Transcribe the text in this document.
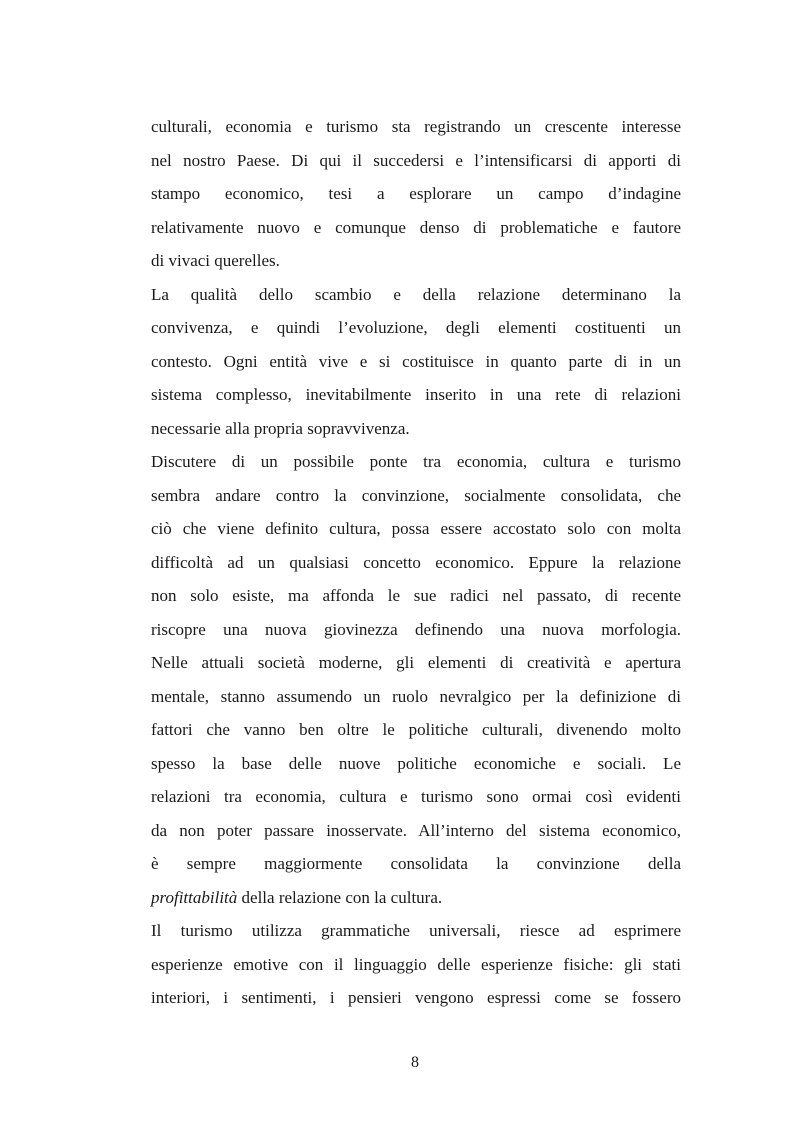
culturali, economia e turismo sta registrando un crescente interesse
nel nostro Paese. Di qui il succedersi e l’intensificarsi di apporti di
stampo economico, tesi a esplorare un campo d’indagine
relativamente nuovo e comunque denso di problematiche e fautore
di vivaci querelles.
La qualità dello scambio e della relazione determinano la
convivenza, e quindi l’evoluzione, degli elementi costituenti un
contesto. Ogni entità vive e si costituisce in quanto parte di in un
sistema complesso, inevitabilmente inserito in una rete di relazioni
necessarie alla propria sopravvivenza.
Discutere di un possibile ponte tra economia, cultura e turismo
sembra andare contro la convinzione, socialmente consolidata, che
ciò che viene definito cultura, possa essere accostato solo con molta
difficoltà ad un qualsiasi concetto economico. Eppure la relazione
non solo esiste, ma affonda le sue radici nel passato, di recente
riscopre una nuova giovinezza definendo una nuova morfologia.
Nelle attuali società moderne, gli elementi di creatività e apertura
mentale, stanno assumendo un ruolo nevralgico per la definizione di
fattori che vanno ben oltre le politiche culturali, divenendo molto
spesso la base delle nuove politiche economiche e sociali. Le
relazioni tra economia, cultura e turismo sono ormai così evidenti
da non poter passare inosservate. All’interno del sistema economico,
è sempre maggiormente consolidata la convinzione della
profittabilità della relazione con la cultura.
Il turismo utilizza grammatiche universali, riesce ad esprimere
esperienze emotive con il linguaggio delle esperienze fisiche: gli stati
interiori, i sentimenti, i pensieri vengono espressi come se fossero
8
